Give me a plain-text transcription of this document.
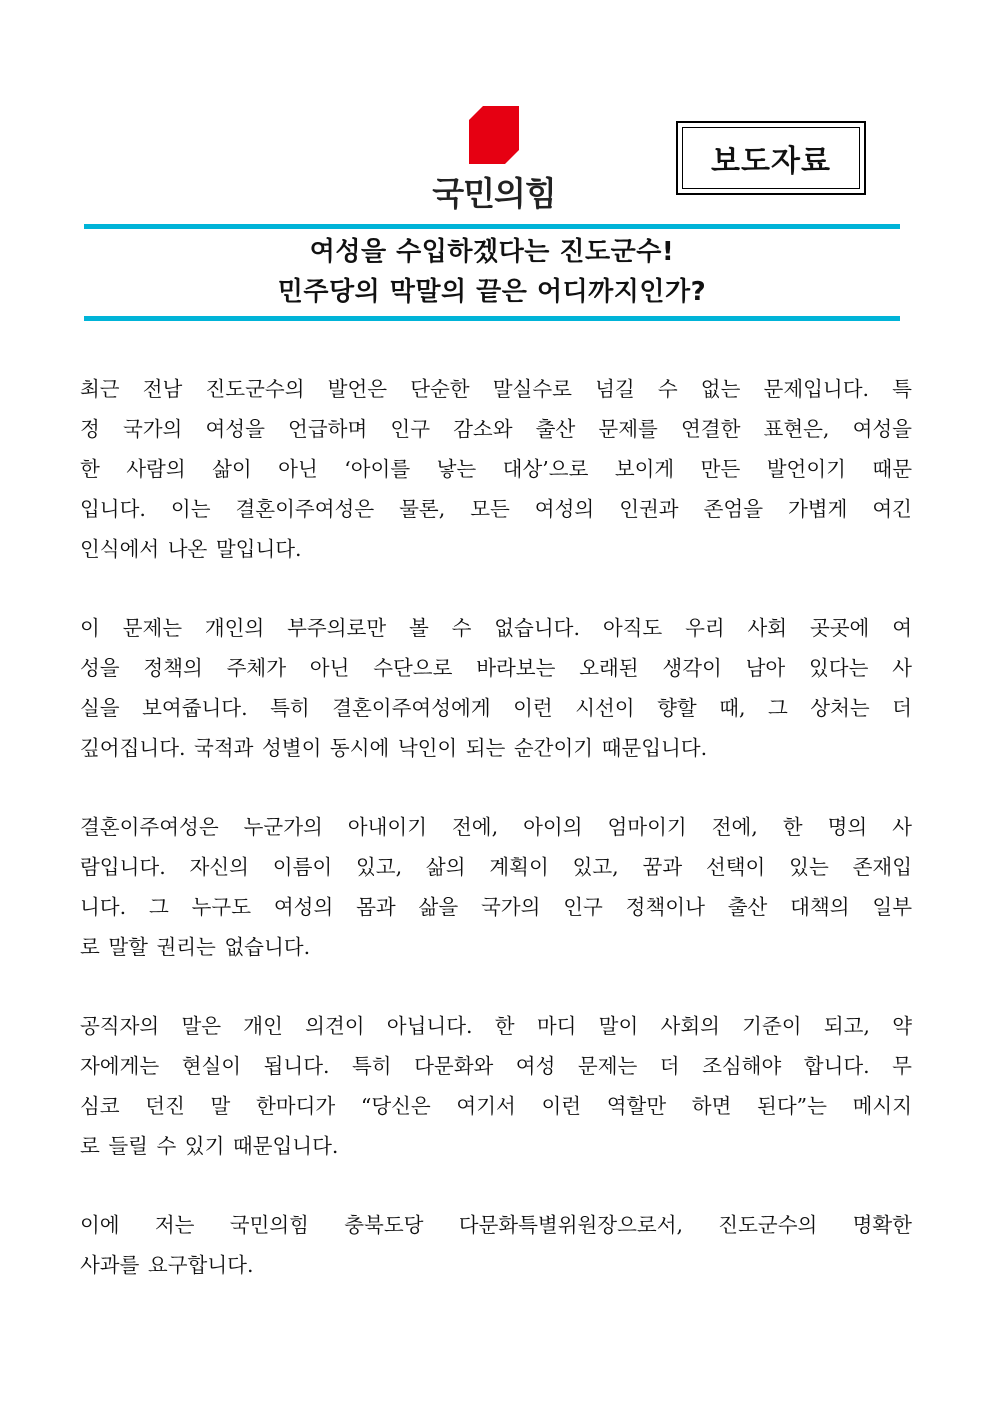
국민의힘
보도자료
여성을 수입하겠다는 진도군수!
민주당의 막말의 끝은 어디까지인가?

최근 전남 진도군수의 발언은 단순한 말실수로 넘길 수 없는 문제입니다. 특
정 국가의 여성을 언급하며 인구 감소와 출산 문제를 연결한 표현은, 여성을
한 사람의 삶이 아닌 ‘아이를 낳는 대상’으로 보이게 만든 발언이기 때문
입니다. 이는 결혼이주여성은 물론, 모든 여성의 인권과 존엄을 가볍게 여긴
인식에서 나온 말입니다.

이 문제는 개인의 부주의로만 볼 수 없습니다. 아직도 우리 사회 곳곳에 여
성을 정책의 주체가 아닌 수단으로 바라보는 오래된 생각이 남아 있다는 사
실을 보여줍니다. 특히 결혼이주여성에게 이런 시선이 향할 때, 그 상처는 더
깊어집니다. 국적과 성별이 동시에 낙인이 되는 순간이기 때문입니다.

결혼이주여성은 누군가의 아내이기 전에, 아이의 엄마이기 전에, 한 명의 사
람입니다. 자신의 이름이 있고, 삶의 계획이 있고, 꿈과 선택이 있는 존재입
니다. 그 누구도 여성의 몸과 삶을 국가의 인구 정책이나 출산 대책의 일부
로 말할 권리는 없습니다.

공직자의 말은 개인 의견이 아닙니다. 한 마디 말이 사회의 기준이 되고, 약
자에게는 현실이 됩니다. 특히 다문화와 여성 문제는 더 조심해야 합니다. 무
심코 던진 말 한마디가 “당신은 여기서 이런 역할만 하면 된다”는 메시지
로 들릴 수 있기 때문입니다.

이에 저는 국민의힘 충북도당 다문화특별위원장으로서, 진도군수의 명확한
사과를 요구합니다.
